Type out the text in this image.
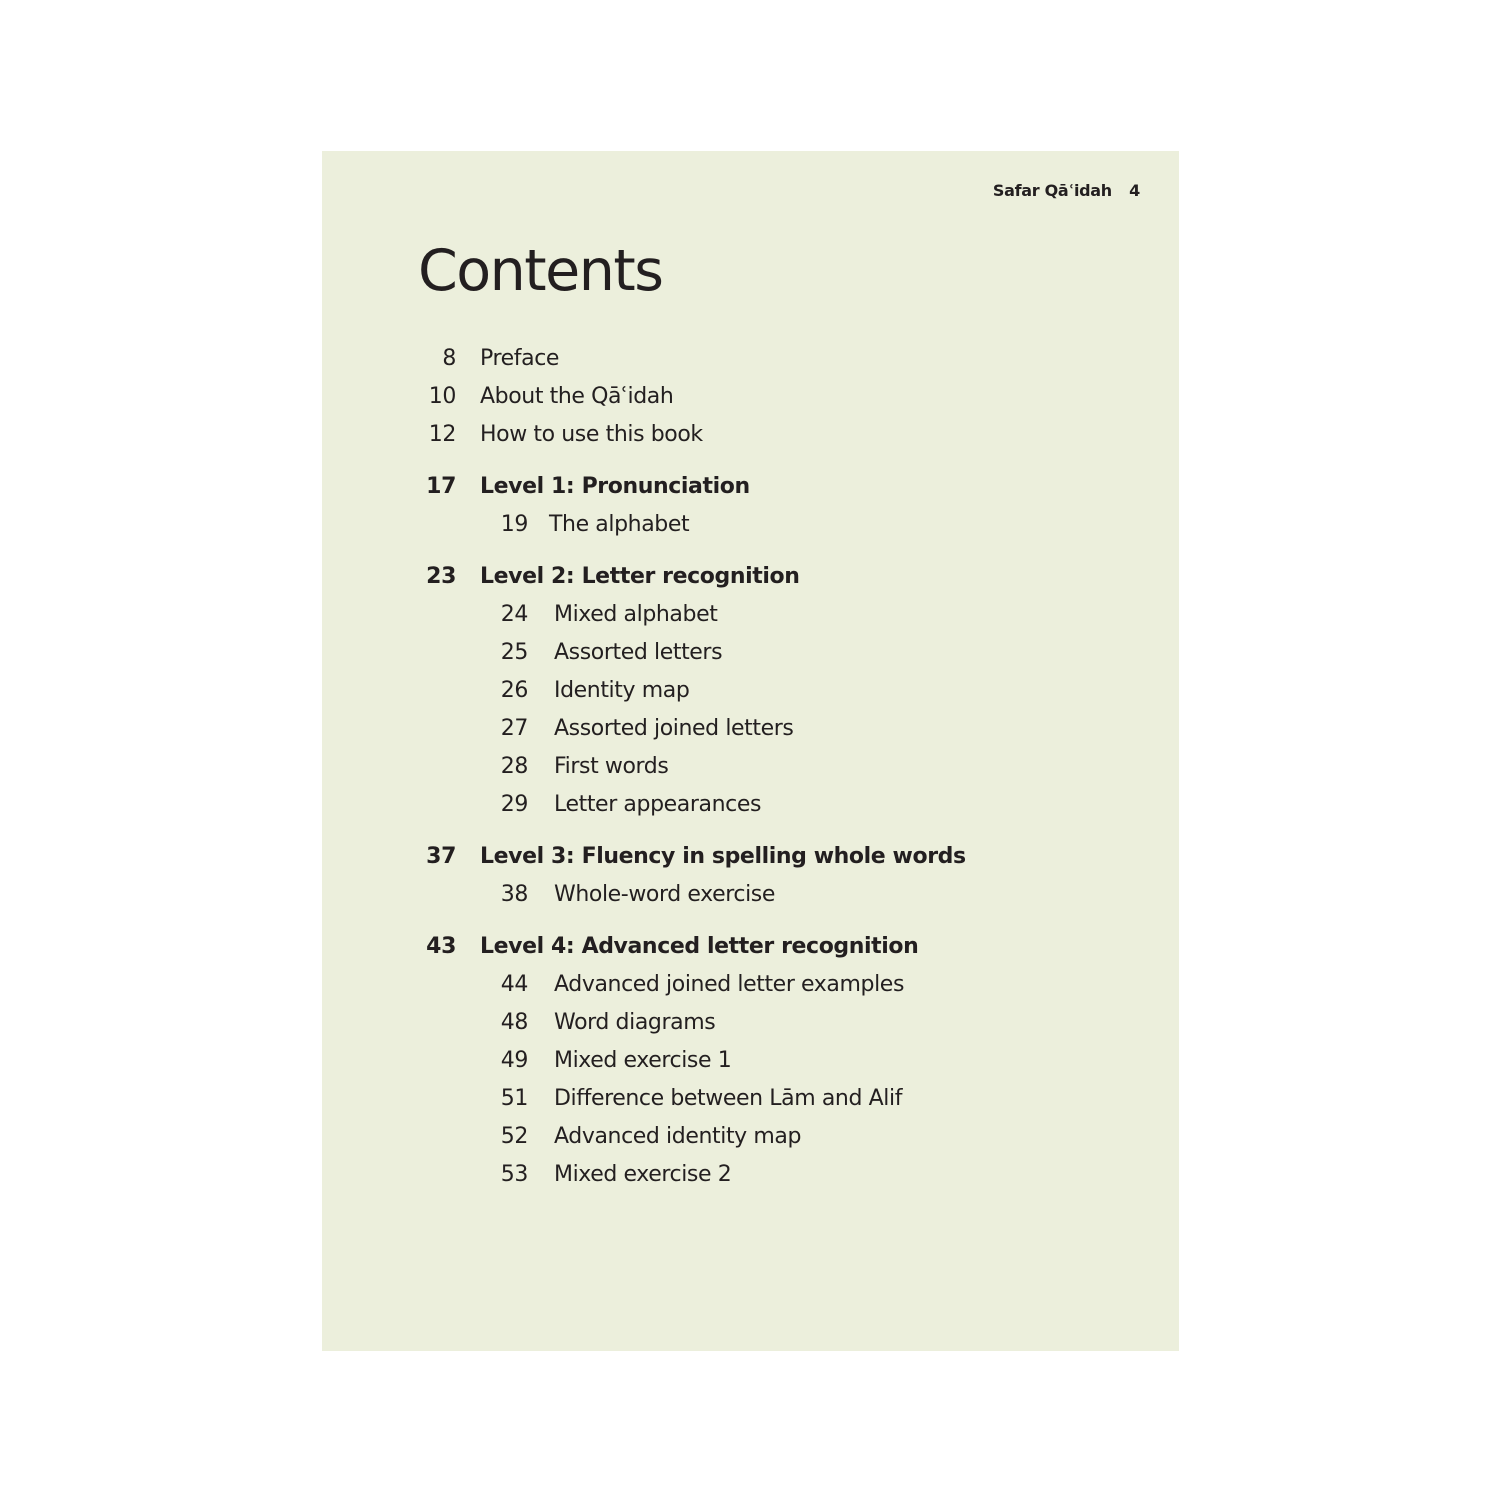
Safar Qāʿidah 4
Contents
8 Preface
10 About the Qāʿidah
12 How to use this book
17 Level 1: Pronunciation
19 The alphabet
23 Level 2: Letter recognition
24 Mixed alphabet
25 Assorted letters
26 Identity map
27 Assorted joined letters
28 First words
29 Letter appearances
37 Level 3: Fluency in spelling whole words
38 Whole-word exercise
43 Level 4: Advanced letter recognition
44 Advanced joined letter examples
48 Word diagrams
49 Mixed exercise 1
51 Difference between Lām and Alif
52 Advanced identity map
53 Mixed exercise 2
